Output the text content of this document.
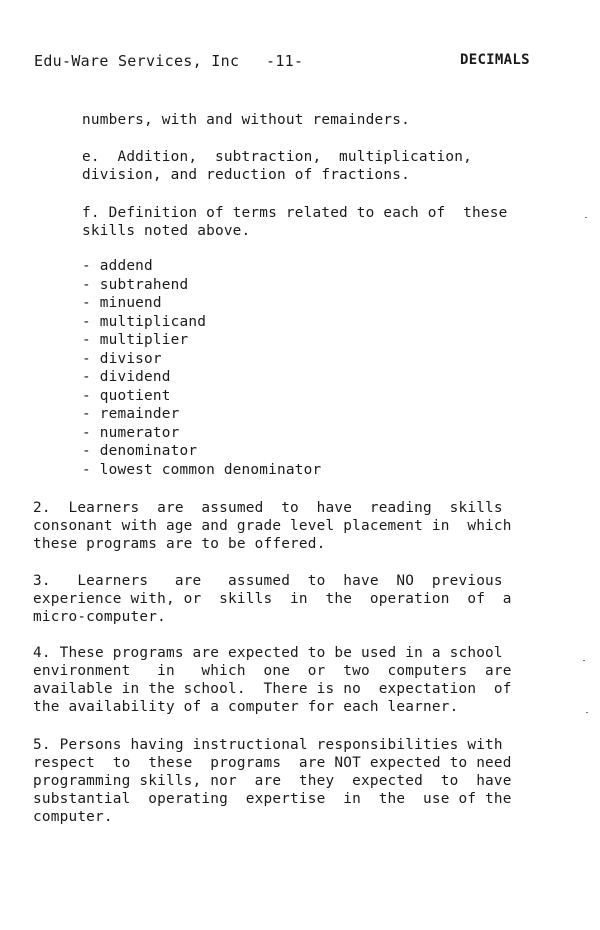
Edu-Ware Services, Inc -11-	DECIMALS
numbers, with and without remainders.
e.  Addition,  subtraction,  multiplication,
division, and reduction of fractions.
f. Definition of terms related to each of  these
skills noted above.
- addend
- subtrahend
- minuend
- multiplicand
- multiplier
- divisor
- dividend
- quotient
- remainder
- numerator
- denominator
- lowest common denominator
2.  Learners  are  assumed  to  have  reading  skills
consonant with age and grade level placement in  which
these programs are to be offered.
3.   Learners   are   assumed  to  have  NO  previous
experience with, or  skills  in  the  operation  of  a
micro-computer.
4. These programs are expected to be used in a school
environment   in   which  one  or  two  computers  are
available in the school.  There is no  expectation  of
the availability of a computer for each learner.
5. Persons having instructional responsibilities with
respect  to  these  programs  are NOT expected to need
programming skills, nor  are  they  expected  to  have
substantial  operating  expertise  in  the  use of the
computer.
